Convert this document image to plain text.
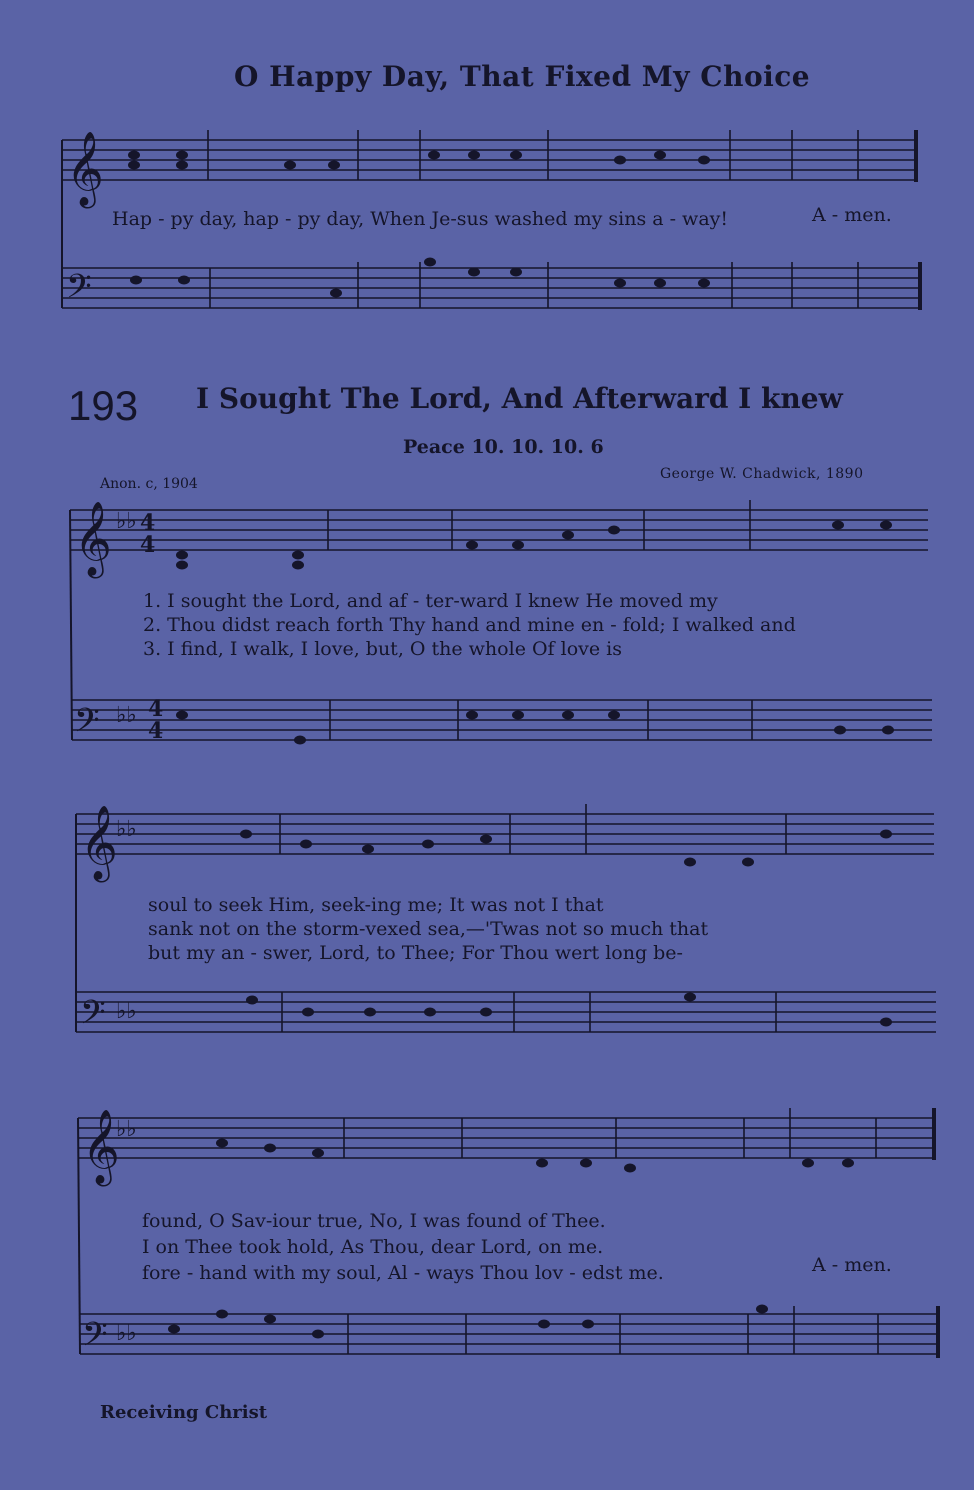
𝄞
𝄢
𝄞
𝄢
𝄞
𝄢
𝄞
𝄢
4
4
4
4
♭♭
♭♭
♭♭
♭♭
♭♭
♭♭
O Happy Day, That Fixed My Choice
Hap - py day, hap - py day, When Je-sus washed my sins a - way!	A - men.
193 I Sought The Lord, And Afterward I knew
Peace 10. 10. 10. 6
Anon. c, 1904
George W. Chadwick, 1890
1. I sought the Lord, and af - ter-ward I knew He moved my
2. Thou didst reach forth Thy hand and mine en - fold; I walked and
3. I find, I walk, I love, but, O the whole Of love is
soul to seek Him, seek-ing me; It was not I that
sank not on the storm-vexed sea,—'Twas not so much that
but my an - swer, Lord, to Thee; For Thou wert long be-
found, O Sav-iour true, No, I was found of Thee.
I on Thee took hold, As Thou, dear Lord, on me.
fore - hand with my soul, Al - ways Thou lov - edst me.	A - men.
Receiving Christ
